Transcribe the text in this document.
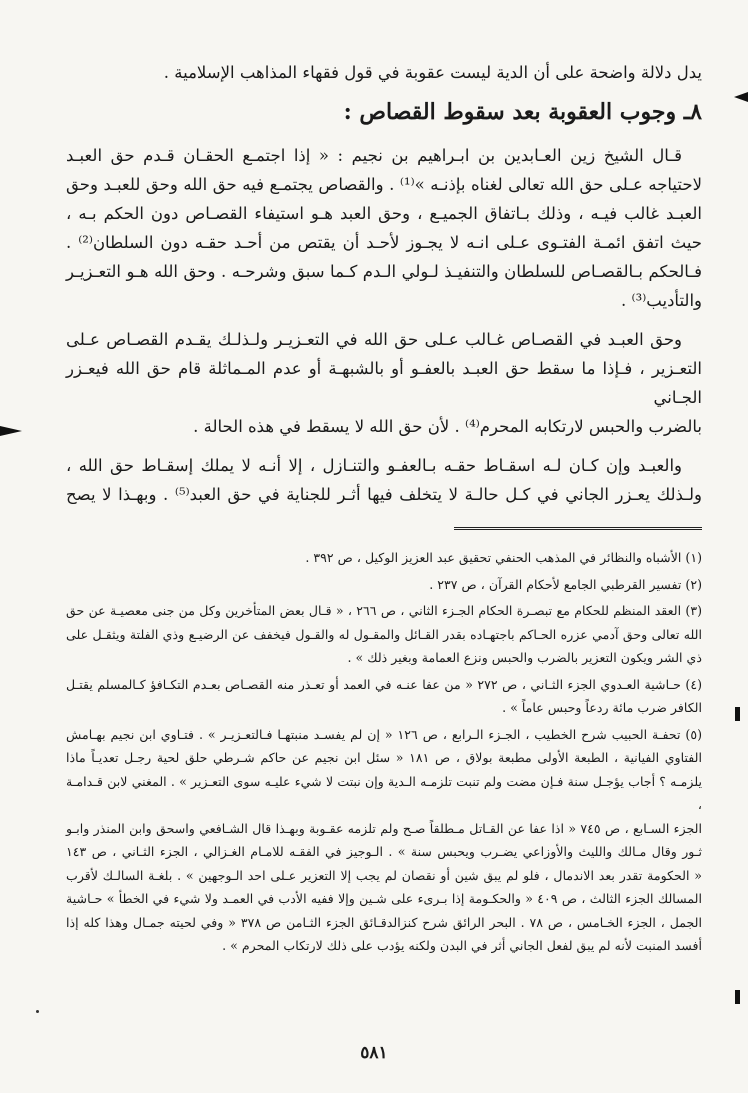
يدل دلالة واضحة على أن الدية ليست عقوبة في قول فقهاء المذاهب الإسلامية .
٨ـ وجوب العقوبة بعد سقوط القصاص :
قـال الشيخ زين العـابدين بن ابـراهيم بن نجيم : « إذا اجتمـع الحقـان قـدم حق العبـد
لاحتياجه عـلى حق الله تعالى لغناه بإذنـه »⁽¹⁾ . والقصاص يجتمـع فيه حق الله وحق للعبـد وحق
العبـد غالب فيـه ، وذلك بـاتفاق الجميـع ، وحق العبد هـو استيفاء القصـاص دون الحكم بـه ،
حيث اتفق ائمـة الفتـوى عـلى انـه لا يجـوز لأحـد أن يقتص من أحـد حقـه دون السلطان⁽²⁾ .
فـالحكم بـالقصـاص للسلطان والتنفيـذ لـولي الـدم كـما سبق وشرحـه . وحق الله هـو التعـزيـر
والتأديب⁽³⁾ .
وحق العبـد في القصـاص غـالب عـلى حق الله في التعـزيـر ولـذلـك يقـدم القصـاص عـلى
التعـزير ، فـإذا ما سقط حق العبـد بالعفـو أو بالشبهـة أو عدم المـماثلة قام حق الله فيعـزر الجـاني
بالضرب والحبس لارتكابه المحرم⁽⁴⁾ . لأن حق الله لا يسقط في هذه الحالة .
والعبـد وإن كـان لـه اسقـاط حقـه بـالعفـو والتنـازل ، إلا أنـه لا يملك إسقـاط حق الله ،
ولـذلك يعـزر الجاني في كـل حالـة لا يتخلف فيها أثـر للجناية في حق العبد⁽⁵⁾ . وبهـذا لا يصح
(١) الأشباه والنظائر في المذهب الحنفي تحقيق عبد العزيز الوكيل ، ص ٣٩٢ .
(٢) تفسير القرطبي الجامع لأحكام القرآن ، ص ٢٣٧ .
(٣) العقد المنظم للحكام مع تبصـرة الحكام الجـزء الثاني ، ص ٢٦٦ ، « قـال بعض المتأخرين وكل من جنى معصيـة عن حق
الله تعالى وحق آدمي عزره الحـاكم باجتهـاده بقدر القـائل والمقـول له والقـول فيخفف عن الرضيـع وذي الفلتة ويثقـل على
ذي الشر ويكون التعزير بالضرب والحبس ونزع العمامة وبغير ذلك » .
(٤) حـاشية العـدوي الجزء الثـاني ، ص ٢٧٢ « من عفا عنـه في العمد أو تعـذر منه القصـاص بعـدم التكـافؤ كـالمسلم يقتـل
الكافر ضرب مائة ردعاً وحبس عاماً » .
(٥) تحفـة الحبيب شرح الخطيب ، الجـزء الـرابع ، ص ١٢٦ « إن لم يفسـد منبتهـا فـالتعـزيـر » . فتـاوي ابن نجيم بهـامش
الفتاوي الفيانية ، الطبعة الأولى مطبعة بولاق ، ص ١٨١ « سئل ابن نجيم عن حاكم شـرطي حلق لحية رجـل تعديـاً ماذا
يلزمـه ؟ أجاب يؤجـل سنة فـإن مضت ولم تنبت تلزمـه الـدية وإن نبتت لا شيء عليـه سوى التعـزير » . المغني لابن قـدامـة ،
الجزء السـابع ، ص ٧٤٥ « اذا عفا عن القـاتل مـطلقاً صـح ولم تلزمه عقـوبة وبهـذا قال الشـافعي واسحق وابن المنذر وابـو
ثـور وقال مـالك والليث والأوزاعي يضـرب ويحبس سنة » . الـوجيز في الفقـه للامـام الغـزالي ، الجزء الثـاني ، ص ١٤٣
« الحكومة تقدر بعد الاندمال ، فلو لم يبق شين أو نقصان لم يجب إلا التعزير عـلى احد الـوجهين » . بلغـة السالـك لأقرب
المسالك الجزء الثالث ، ص ٤٠٩ « والحكـومة إذا بـرىء على شـين وإلا ففيه الأدب في العمـد ولا شيء في الخطأ » حـاشية
الجمل ، الجزء الخـامس ، ص ٧٨ . البحر الرائق شرح كنزالدقـائق الجزء الثـامن ص ٣٧٨ « وفي لحيته جمـال وهذا كله إذا
أفسد المنبت لأنه لم يبق لفعل الجاني أثر في البدن ولكنه يؤدب على ذلك لارتكاب المحرم » .
٥٨١
